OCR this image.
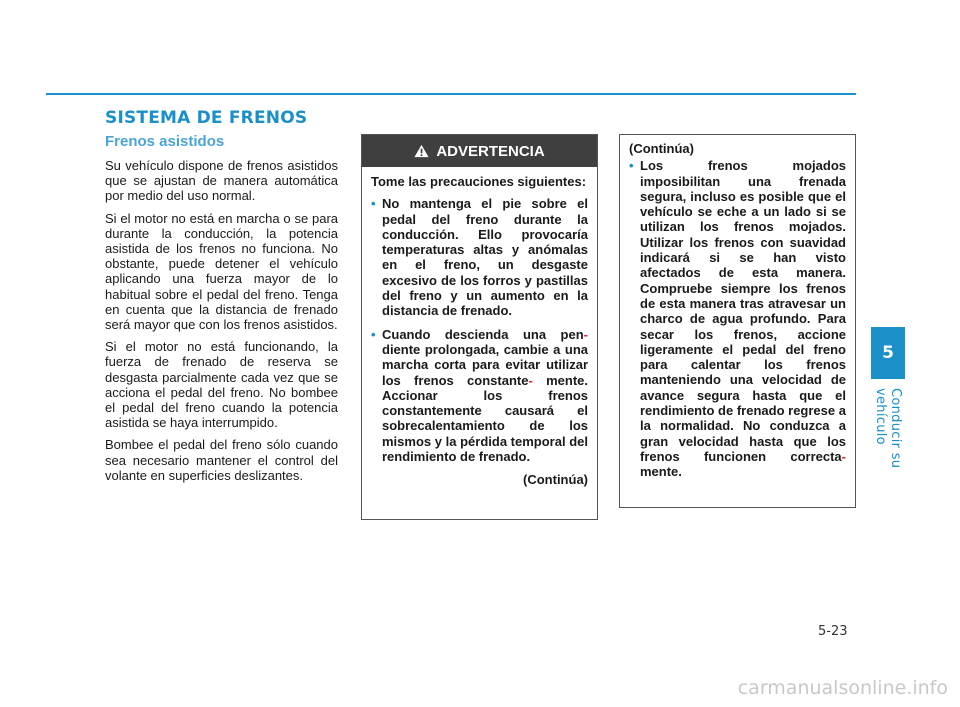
SISTEMA DE FRENOS
Frenos asistidos

Su vehículo dispone de frenos asistidos que se ajustan de manera automática por medio del uso normal.

Si el motor no está en marcha o se para durante la conducción, la potencia asistida de los frenos no funciona. No obstante, puede detener el vehículo aplicando una fuerza mayor de lo habitual sobre el pedal del freno. Tenga en cuenta que la distancia de frenado será mayor que con los frenos asistidos.

Si el motor no está funcionando, la fuerza de frenado de reserva se desgasta parcialmente cada vez que se acciona el pedal del freno. No bombee el pedal del freno cuando la potencia asistida se haya interrumpido.

Bombee el pedal del freno sólo cuando sea necesario mantener el control del volante en superficies deslizantes.

ADVERTENCIA

Tome las precauciones siguientes:

• No mantenga el pie sobre el pedal del freno durante la conducción. Ello provocaría temperaturas altas y anómalas en el freno, un desgaste excesivo de los forros y pastillas del freno y un aumento en la distancia de frenado.
• Cuando descienda una pen- diente prolongada, cambie a una marcha corta para evitar utilizar los frenos constante- mente. Accionar los frenos constantemente causará el sobrecalentamiento de los mismos y la pérdida temporal del rendimiento de frenado.

(Continúa)

(Continúa)

• Los frenos mojados imposibilitan una frenada segura, incluso es posible que el vehículo se eche a un lado si se utilizan los frenos mojados. Utilizar los frenos con suavidad indicará si se han visto afectados de esta manera. Compruebe siempre los frenos de esta manera tras atravesar un charco de agua profundo. Para secar los frenos, accione ligeramente el pedal del freno para calentar los frenos manteniendo una velocidad de avance segura hasta que el rendimiento de frenado regrese a la normalidad. No conduzca a gran velocidad hasta que los frenos funcionen correcta- mente.
5
Conducir su vehículo
5-23
carmanualsonline.info
